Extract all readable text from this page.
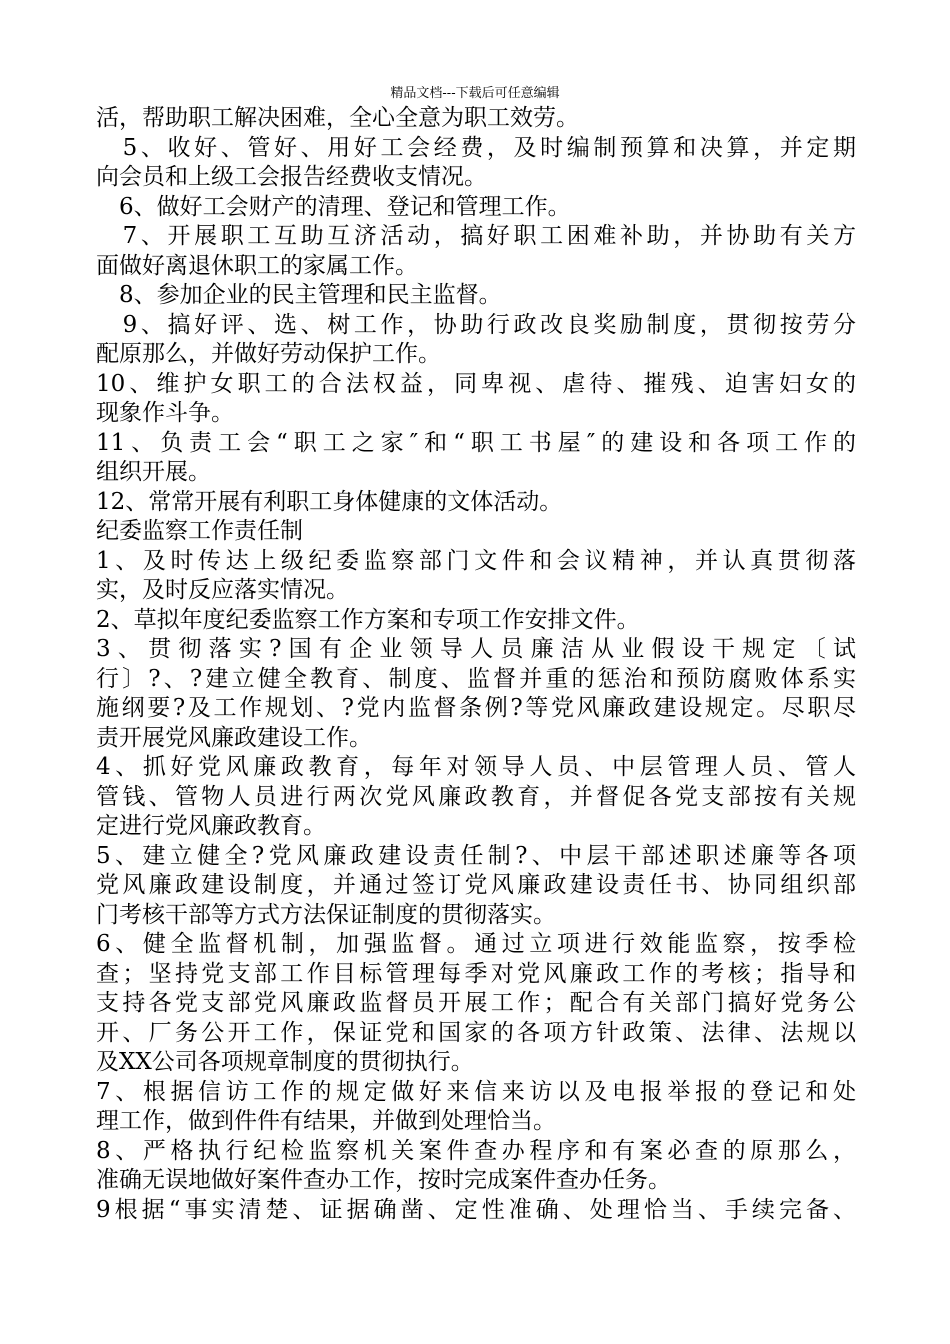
精品文档---下载后可任意编辑
活，帮助职工解决困难，全心全意为职工效劳。
　5、收好、管好、用好工会经费，及时编制预算和决算，并定期
向会员和上级工会报告经费收支情况。
　6、做好工会财产的清理、登记和管理工作。
　7、开展职工互助互济活动，搞好职工困难补助，并协助有关方
面做好离退休职工的家属工作。
　8、参加企业的民主管理和民主监督。
　9、搞好评、选、树工作，协助行政改良奖励制度，贯彻按劳分
配原那么，并做好劳动保护工作。
10、维护女职工的合法权益，同卑视、虐待、摧残、迫害妇女的
现象作斗争。
11、负责工会“职工之家″和“职工书屋″的建设和各项工作的
组织开展。
12、常常开展有利职工身体健康的文体活动。
纪委监察工作责任制
1、及时传达上级纪委监察部门文件和会议精神，并认真贯彻落
实，及时反应落实情况。
2、草拟年度纪委监察工作方案和专项工作安排文件。
3、贯彻落实?国有企业领导人员廉洁从业假设干规定〔试
行〕?、?建立健全教育、制度、监督并重的惩治和预防腐败体系实
施纲要?及工作规划、?党内监督条例?等党风廉政建设规定。尽职尽
责开展党风廉政建设工作。
4、抓好党风廉政教育，每年对领导人员、中层管理人员、管人
管钱、管物人员进行两次党风廉政教育，并督促各党支部按有关规
定进行党风廉政教育。
5、建立健全?党风廉政建设责任制?、中层干部述职述廉等各项
党风廉政建设制度，并通过签订党风廉政建设责任书、协同组织部
门考核干部等方式方法保证制度的贯彻落实。
6、健全监督机制，加强监督。通过立项进行效能监察，按季检
查；坚持党支部工作目标管理每季对党风廉政工作的考核；指导和
支持各党支部党风廉政监督员开展工作；配合有关部门搞好党务公
开、厂务公开工作，保证党和国家的各项方针政策、法律、法规以
及XX公司各项规章制度的贯彻执行。
7、根据信访工作的规定做好来信来访以及电报举报的登记和处
理工作，做到件件有结果，并做到处理恰当。
8、严格执行纪检监察机关案件查办程序和有案必查的原那么，
准确无误地做好案件查办工作，按时完成案件查办任务。
9根据“事实清楚、证据确凿、定性准确、处理恰当、手续完备、
